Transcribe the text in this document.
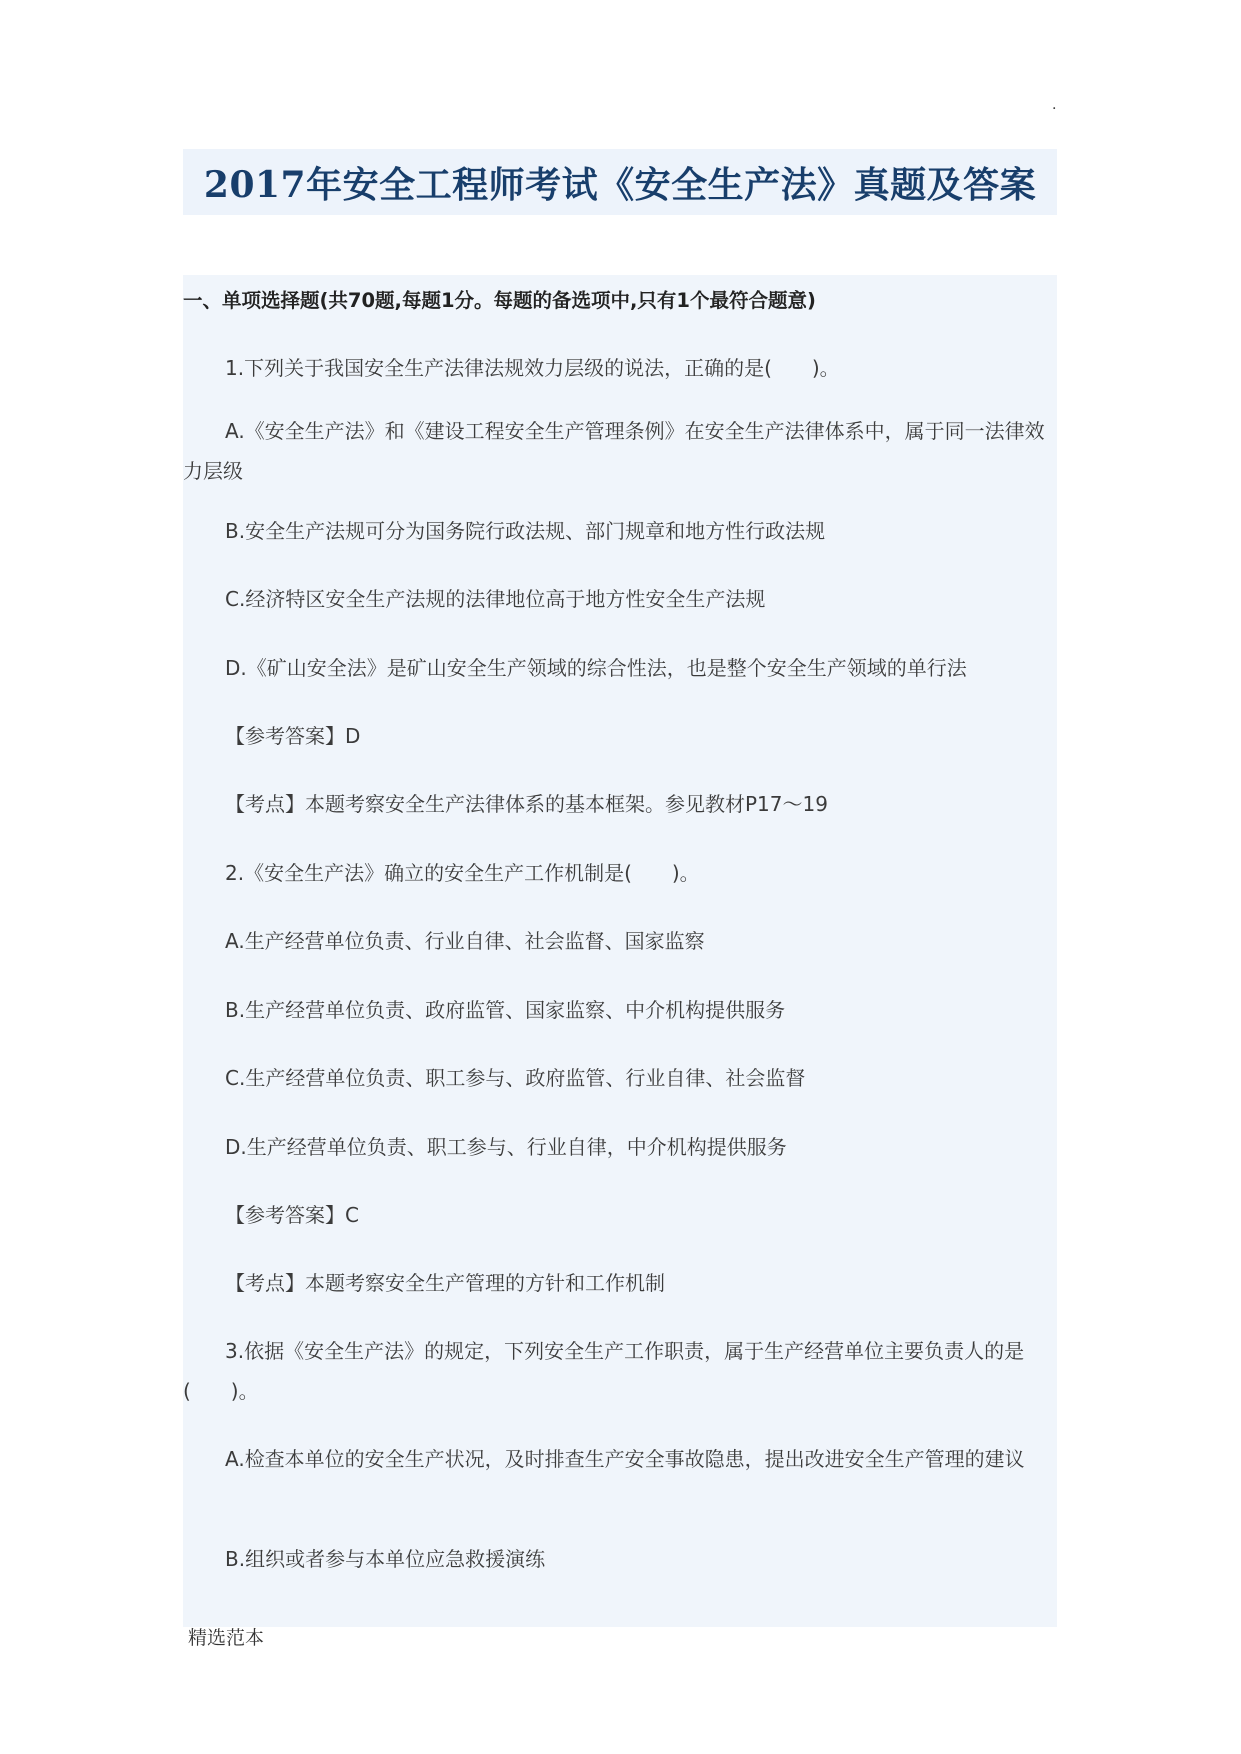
.
2017年安全工程师考试《安全生产法》真题及答案
一、单项选择题(共70题,每题1分。每题的备选项中,只有1个最符合题意)
1.下列关于我国安全生产法律法规效力层级的说法，正确的是(　　)。
A.《安全生产法》和《建设工程安全生产管理条例》在安全生产法律体系中，属于同一法律效力层级
B.安全生产法规可分为国务院行政法规、部门规章和地方性行政法规
C.经济特区安全生产法规的法律地位高于地方性安全生产法规
D.《矿山安全法》是矿山安全生产领域的综合性法，也是整个安全生产领域的单行法
【参考答案】D
【考点】本题考察安全生产法律体系的基本框架。参见教材P17～19
2.《安全生产法》确立的安全生产工作机制是(　　)。
A.生产经营单位负责、行业自律、社会监督、国家监察
B.生产经营单位负责、政府监管、国家监察、中介机构提供服务
C.生产经营单位负责、职工参与、政府监管、行业自律、社会监督
D.生产经营单位负责、职工参与、行业自律，中介机构提供服务
【参考答案】C
【考点】本题考察安全生产管理的方针和工作机制
3.依据《安全生产法》的规定，下列安全生产工作职责，属于生产经营单位主要负责人的是(　　)。
A.检查本单位的安全生产状况，及时排查生产安全事故隐患，提出改进安全生产管理的建议
B.组织或者参与本单位应急救援演练
精选范本
